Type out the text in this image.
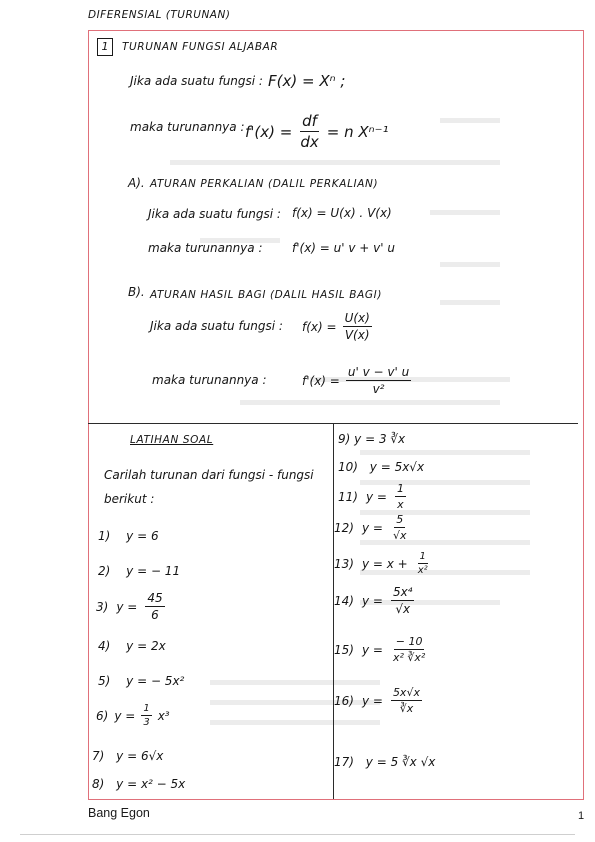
DIFERENSIAL (TURUNAN)
1	TURUNAN FUNGSI ALJABAR
Jika ada suatu fungsi : F(x) = Xⁿ ;
maka turunannya : $f'(x) = \frac{df}{dx} = n$ Xⁿ⁻¹
A). ATURAN PERKALIAN (DALIL PERKALIAN)
Jika ada suatu fungsi : f(x) = U(x) . V(x)
maka turunannya : f'(x) = u' v + v' u
B). ATURAN HASIL BAGI (DALIL HASIL BAGI)
Jika ada suatu fungsi : $f(x) = \frac{U(x)}{V(x)}$
maka turunannya :	$f'(x) = \frac{u' v - v' u}{\text{v²}}$
LATIHAN SOAL
Carilah turunan dari fungsi - fungsi
berikut :
1) y = 6
2) y = − 11
3) $y = \frac{45}{6}$
4) y = 2x
5) y = − 5x²
6) $y = \frac{1}{3} x^3$
7) y = 6√x
8) y = x² − 5x
9) y = 3 ∛x
10) y = 5x√x
11) $y = \frac{1}{x}$
12) $y = \frac{5}{√x}$
13) $y = x + \frac{1}{\text{x²}}$
14) $y = \frac{\text{5x⁴}}{√x}$
15) $y = \frac{- 10}{\text{x² ∛x²}}$
16) $y = \frac{5x√x}{∛x}$
17) y = 5 ∛x √x
Bang Egon	1
